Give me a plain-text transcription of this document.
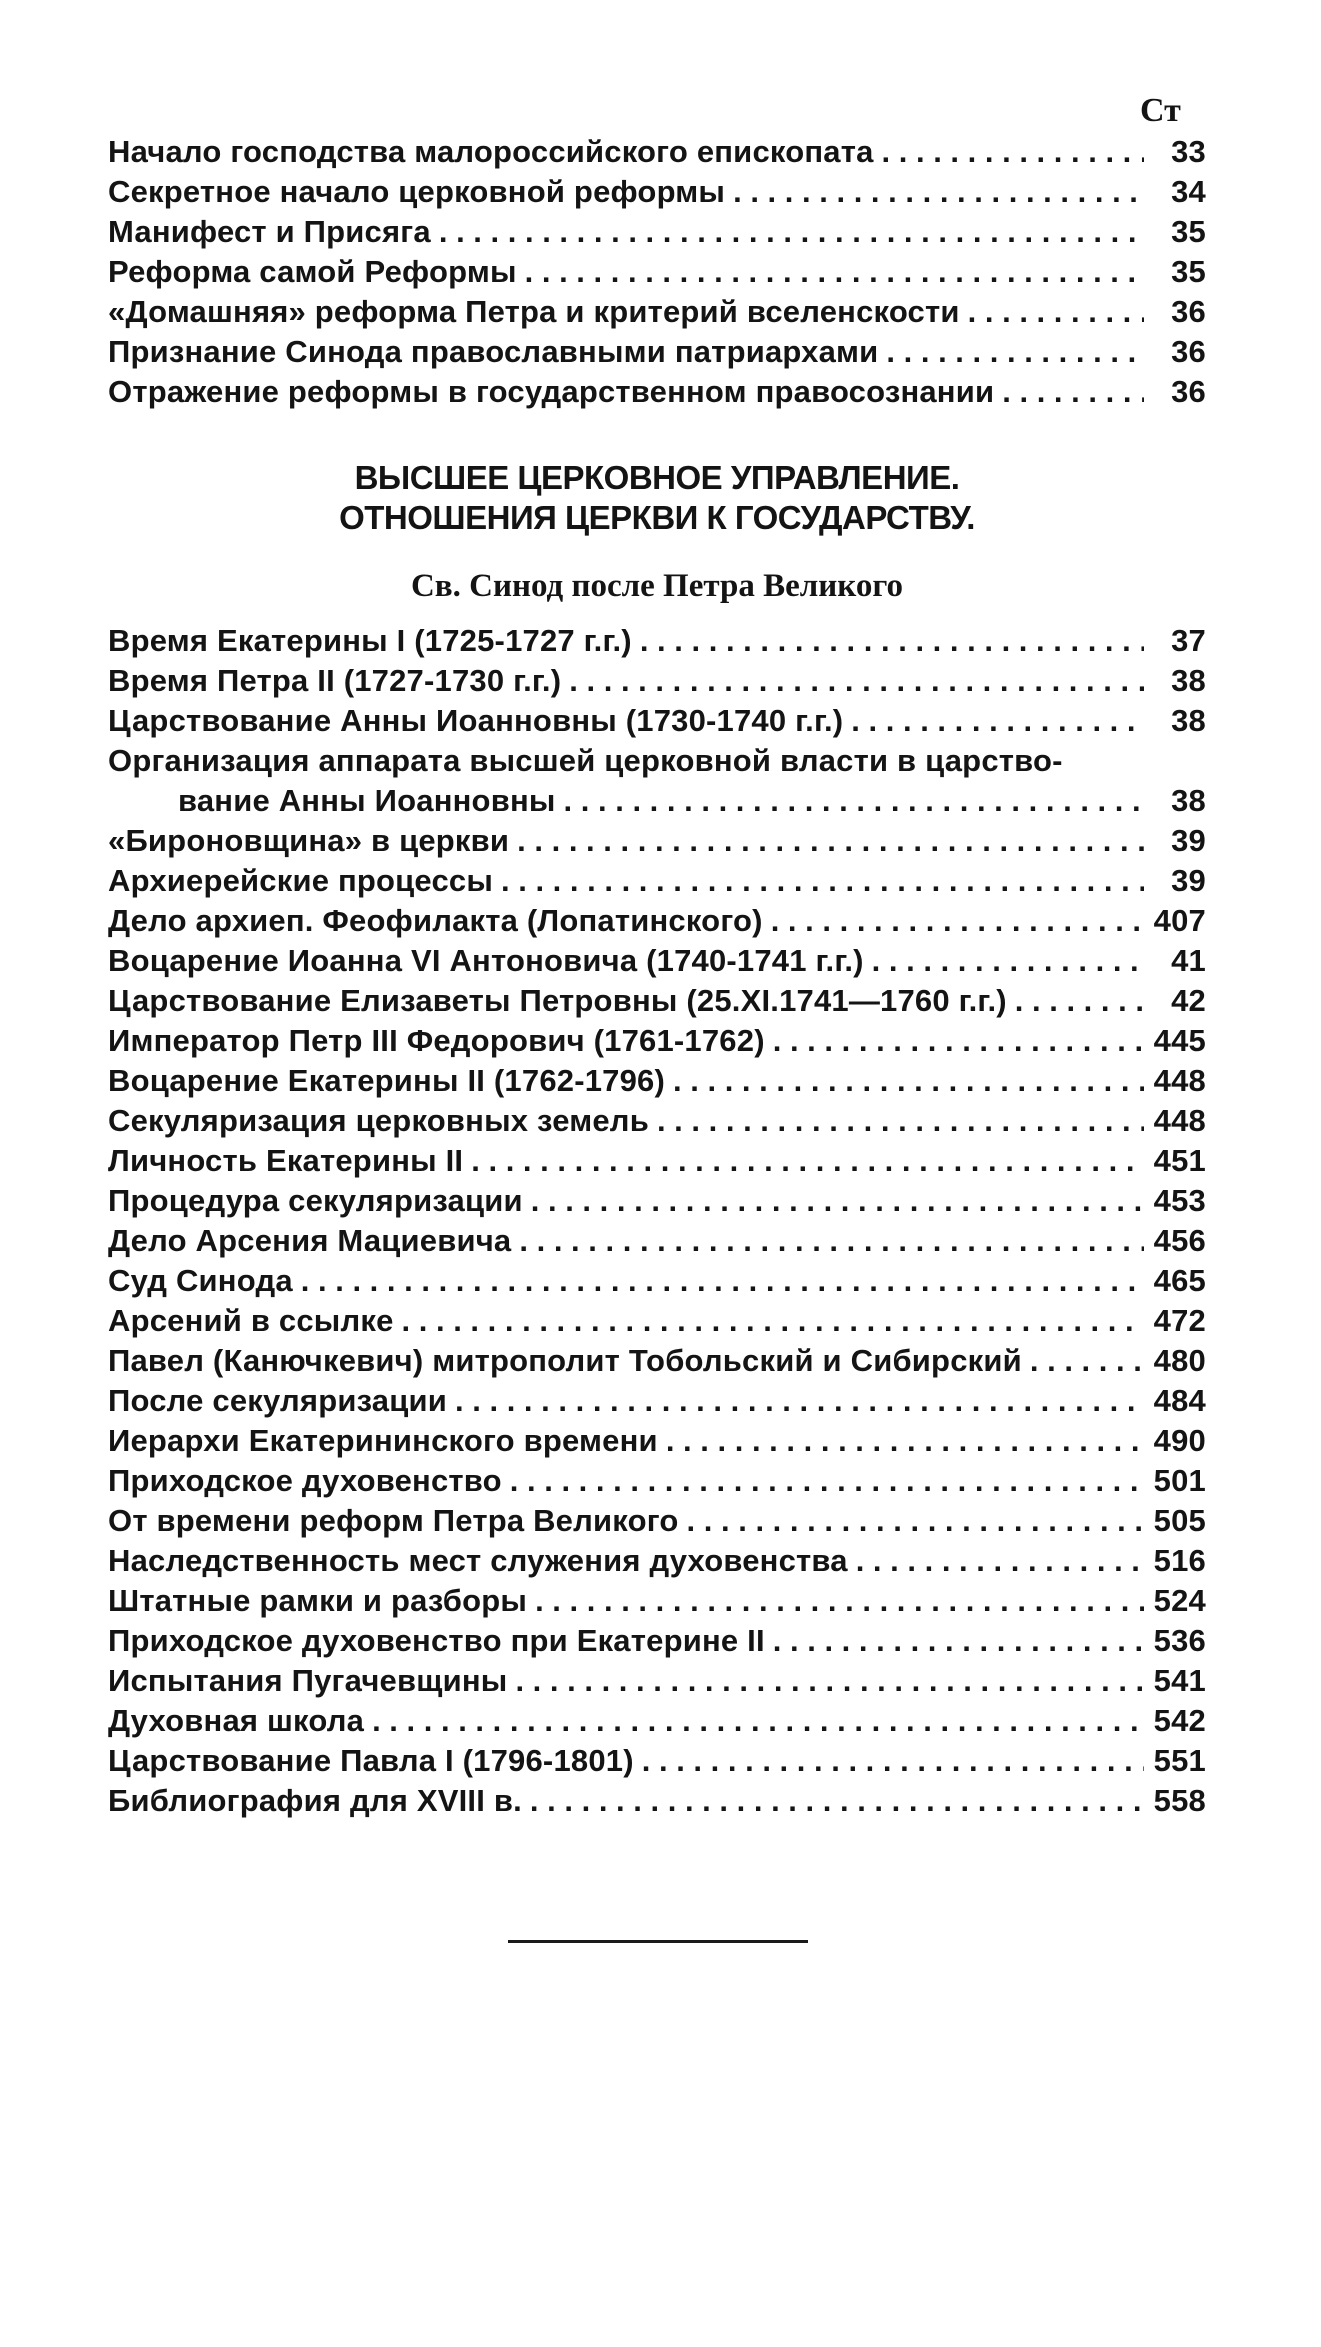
Ст
Начало господства малороссийского епископата . . .	33
Секретное начало церковной реформы . . .	34
Манифест и Присяга . . .	35
Реформа самой Реформы . . .	35
«Домашняя» реформа Петра и критерий вселенскости . . .	36
Признание Синода православными патриархами . . .	36
Отражение реформы в государственном правосознании . . .	36
ВЫСШЕЕ ЦЕРКОВНОЕ УПРАВЛЕНИЕ.
ОТНОШЕНИЯ ЦЕРКВИ К ГОСУДАРСТВУ.
Св. Синод после Петра Великого
Время Екатерины I (1725-1727 г.г.) . . .	37
Время Петра II (1727-1730 г.г.) . . .	38
Царствование Анны Иоанновны (1730-1740 г.г.) . . .	38
Организация аппарата высшей церковной власти в царство-
вание Анны Иоанновны . . .	38
«Бироновщина» в церкви . . .	39
Архиерейские процессы . . .	39
Дело архиеп. Феофилакта (Лопатинского) . . .	407
Воцарение Иоанна VI Антоновича (1740-1741 г.г.) . . .	41
Царствование Елизаветы Петровны (25.XI.1741—1760 г.г.) . . .	42
Император Петр III Федорович (1761-1762) . . .	445
Воцарение Екатерины II (1762-1796) . . .	448
Секуляризация церковных земель . . .	448
Личность Екатерины II . . .	451
Процедура секуляризации . . .	453
Дело Арсения Мациевича . . .	456
Суд Синода . . .	465
Арсений в ссылке . . .	472
Павел (Канючкевич) митрополит Тобольский и Сибирский . . .	480
После секуляризации . . .	484
Иерархи Екатерининского времени . . .	490
Приходское духовенство . . .	501
От времени реформ Петра Великого . . .	505
Наследственность мест служения духовенства . . .	516
Штатные рамки и разборы . . .	524
Приходское духовенство при Екатерине II . . .	536
Испытания Пугачевщины . . .	541
Духовная школа . . .	542
Царствование Павла I (1796-1801) . . .	551
Библиография для XVIII в. . . .	558
